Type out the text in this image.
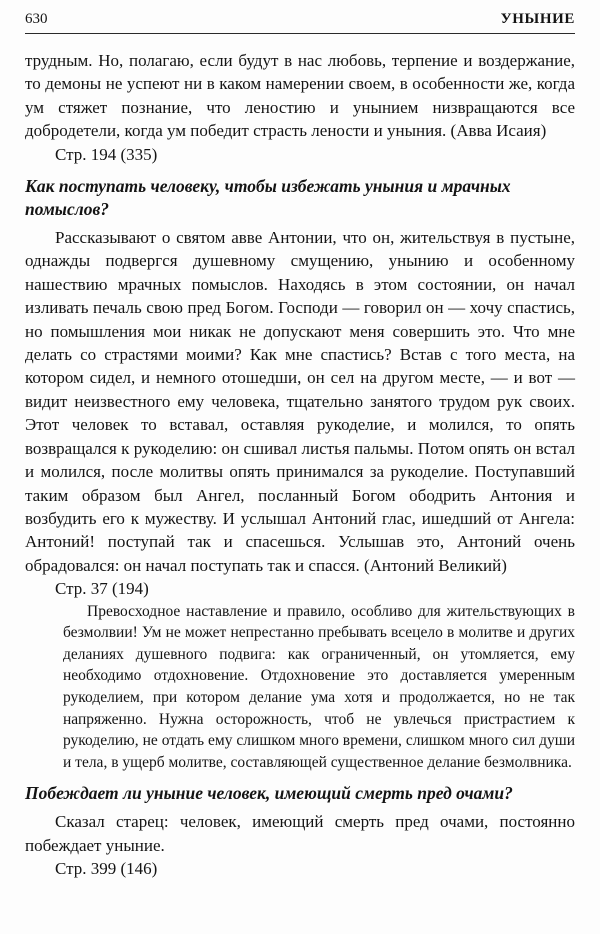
630	УНЫНИЕ

трудным. Но, полагаю, если будут в нас любовь, терпение и воздержание, то демоны не успеют ни в каком намерении своем, в особенности же, когда ум стяжет познание, что леностию и унынием низвращаются все добродетели, когда ум победит страсть лености и уныния. (Авва Исаия)

Стр. 194 (335)

Как поступать человеку, чтобы избежать уныния и мрачных помыслов?

Рассказывают о святом авве Антонии, что он, жительствуя в пустыне, однажды подвергся душевному смущению, унынию и особенному нашествию мрачных помыслов. Находясь в этом состоянии, он начал изливать печаль свою пред Богом. Господи — говорил он — хочу спастись, но помышления мои никак не допускают меня совершить это. Что мне делать со страстями моими? Как мне спастись? Встав с того места, на котором сидел, и немного отошедши, он сел на другом месте, — и вот — видит неизвестного ему человека, тщательно занятого трудом рук своих. Этот человек то вставал, оставляя рукоделие, и молился, то опять возвращался к рукоделию: он сшивал листья пальмы. Потом опять он встал и молился, после молитвы опять принимался за рукоделие. Поступавший таким образом был Ангел, посланный Богом ободрить Антония и возбудить его к мужеству. И услышал Антоний глас, ишедший от Ангела: Антоний! поступай так и спасешься. Услышав это, Антоний очень обрадовался: он начал поступать так и спасся. (Антоний Великий)

Стр. 37 (194)

Превосходное наставление и правило, особливо для жительствующих в безмолвии! Ум не может непрестанно пребывать всецело в молитве и других деланиях душевного подвига: как ограниченный, он утомляется, ему необходимо отдохновение. Отдохновение это доставляется умеренным рукоделием, при котором делание ума хотя и продолжается, но не так напряженно. Нужна осторожность, чтоб не увлечься пристрастием к рукоделию, не отдать ему слишком много времени, слишком много сил души и тела, в ущерб молитве, составляющей существенное делание безмолвника.

Побеждает ли уныние человек, имеющий смерть пред очами?

Сказал старец: человек, имеющий смерть пред очами, постоянно побеждает уныние.

Стр. 399 (146)
